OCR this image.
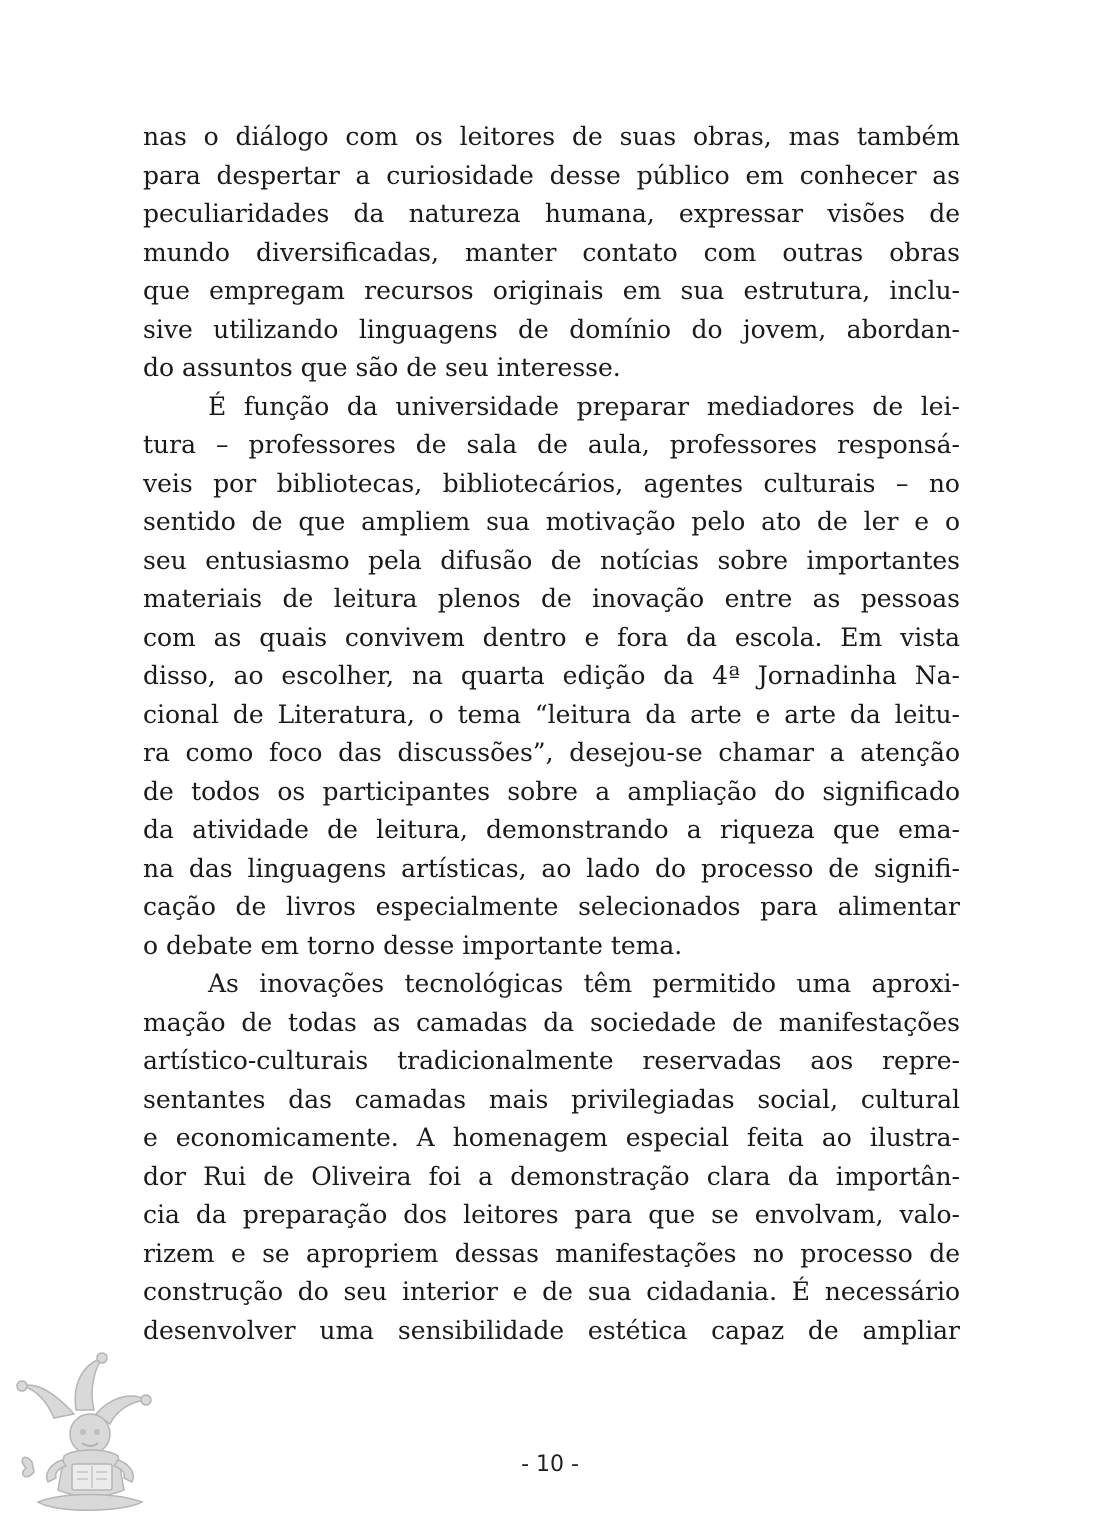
nas o diálogo com os leitores de suas obras, mas também
para despertar a curiosidade desse público em conhecer as
peculiaridades da natureza humana, expressar visões de
mundo diversificadas, manter contato com outras obras
que empregam recursos originais em sua estrutura, inclu-
sive utilizando linguagens de domínio do jovem, abordan-
do assuntos que são de seu interesse.
É função da universidade preparar mediadores de lei-
tura – professores de sala de aula, professores responsá-
veis por bibliotecas, bibliotecários, agentes culturais – no
sentido de que ampliem sua motivação pelo ato de ler e o
seu entusiasmo pela difusão de notícias sobre importantes
materiais de leitura plenos de inovação entre as pessoas
com as quais convivem dentro e fora da escola. Em vista
disso, ao escolher, na quarta edição da 4ª Jornadinha Na-
cional de Literatura, o tema “leitura da arte e arte da leitu-
ra como foco das discussões”, desejou-se chamar a atenção
de todos os participantes sobre a ampliação do significado
da atividade de leitura, demonstrando a riqueza que ema-
na das linguagens artísticas, ao lado do processo de signifi-
cação de livros especialmente selecionados para alimentar
o debate em torno desse importante tema.
As inovações tecnológicas têm permitido uma aproxi-
mação de todas as camadas da sociedade de manifestações
artístico-culturais tradicionalmente reservadas aos repre-
sentantes das camadas mais privilegiadas social, cultural
e economicamente. A homenagem especial feita ao ilustra-
dor Rui de Oliveira foi a demonstração clara da importân-
cia da preparação dos leitores para que se envolvam, valo-
rizem e se apropriem dessas manifestações no processo de
construção do seu interior e de sua cidadania. É necessário
desenvolver uma sensibilidade estética capaz de ampliar
- 10 -
